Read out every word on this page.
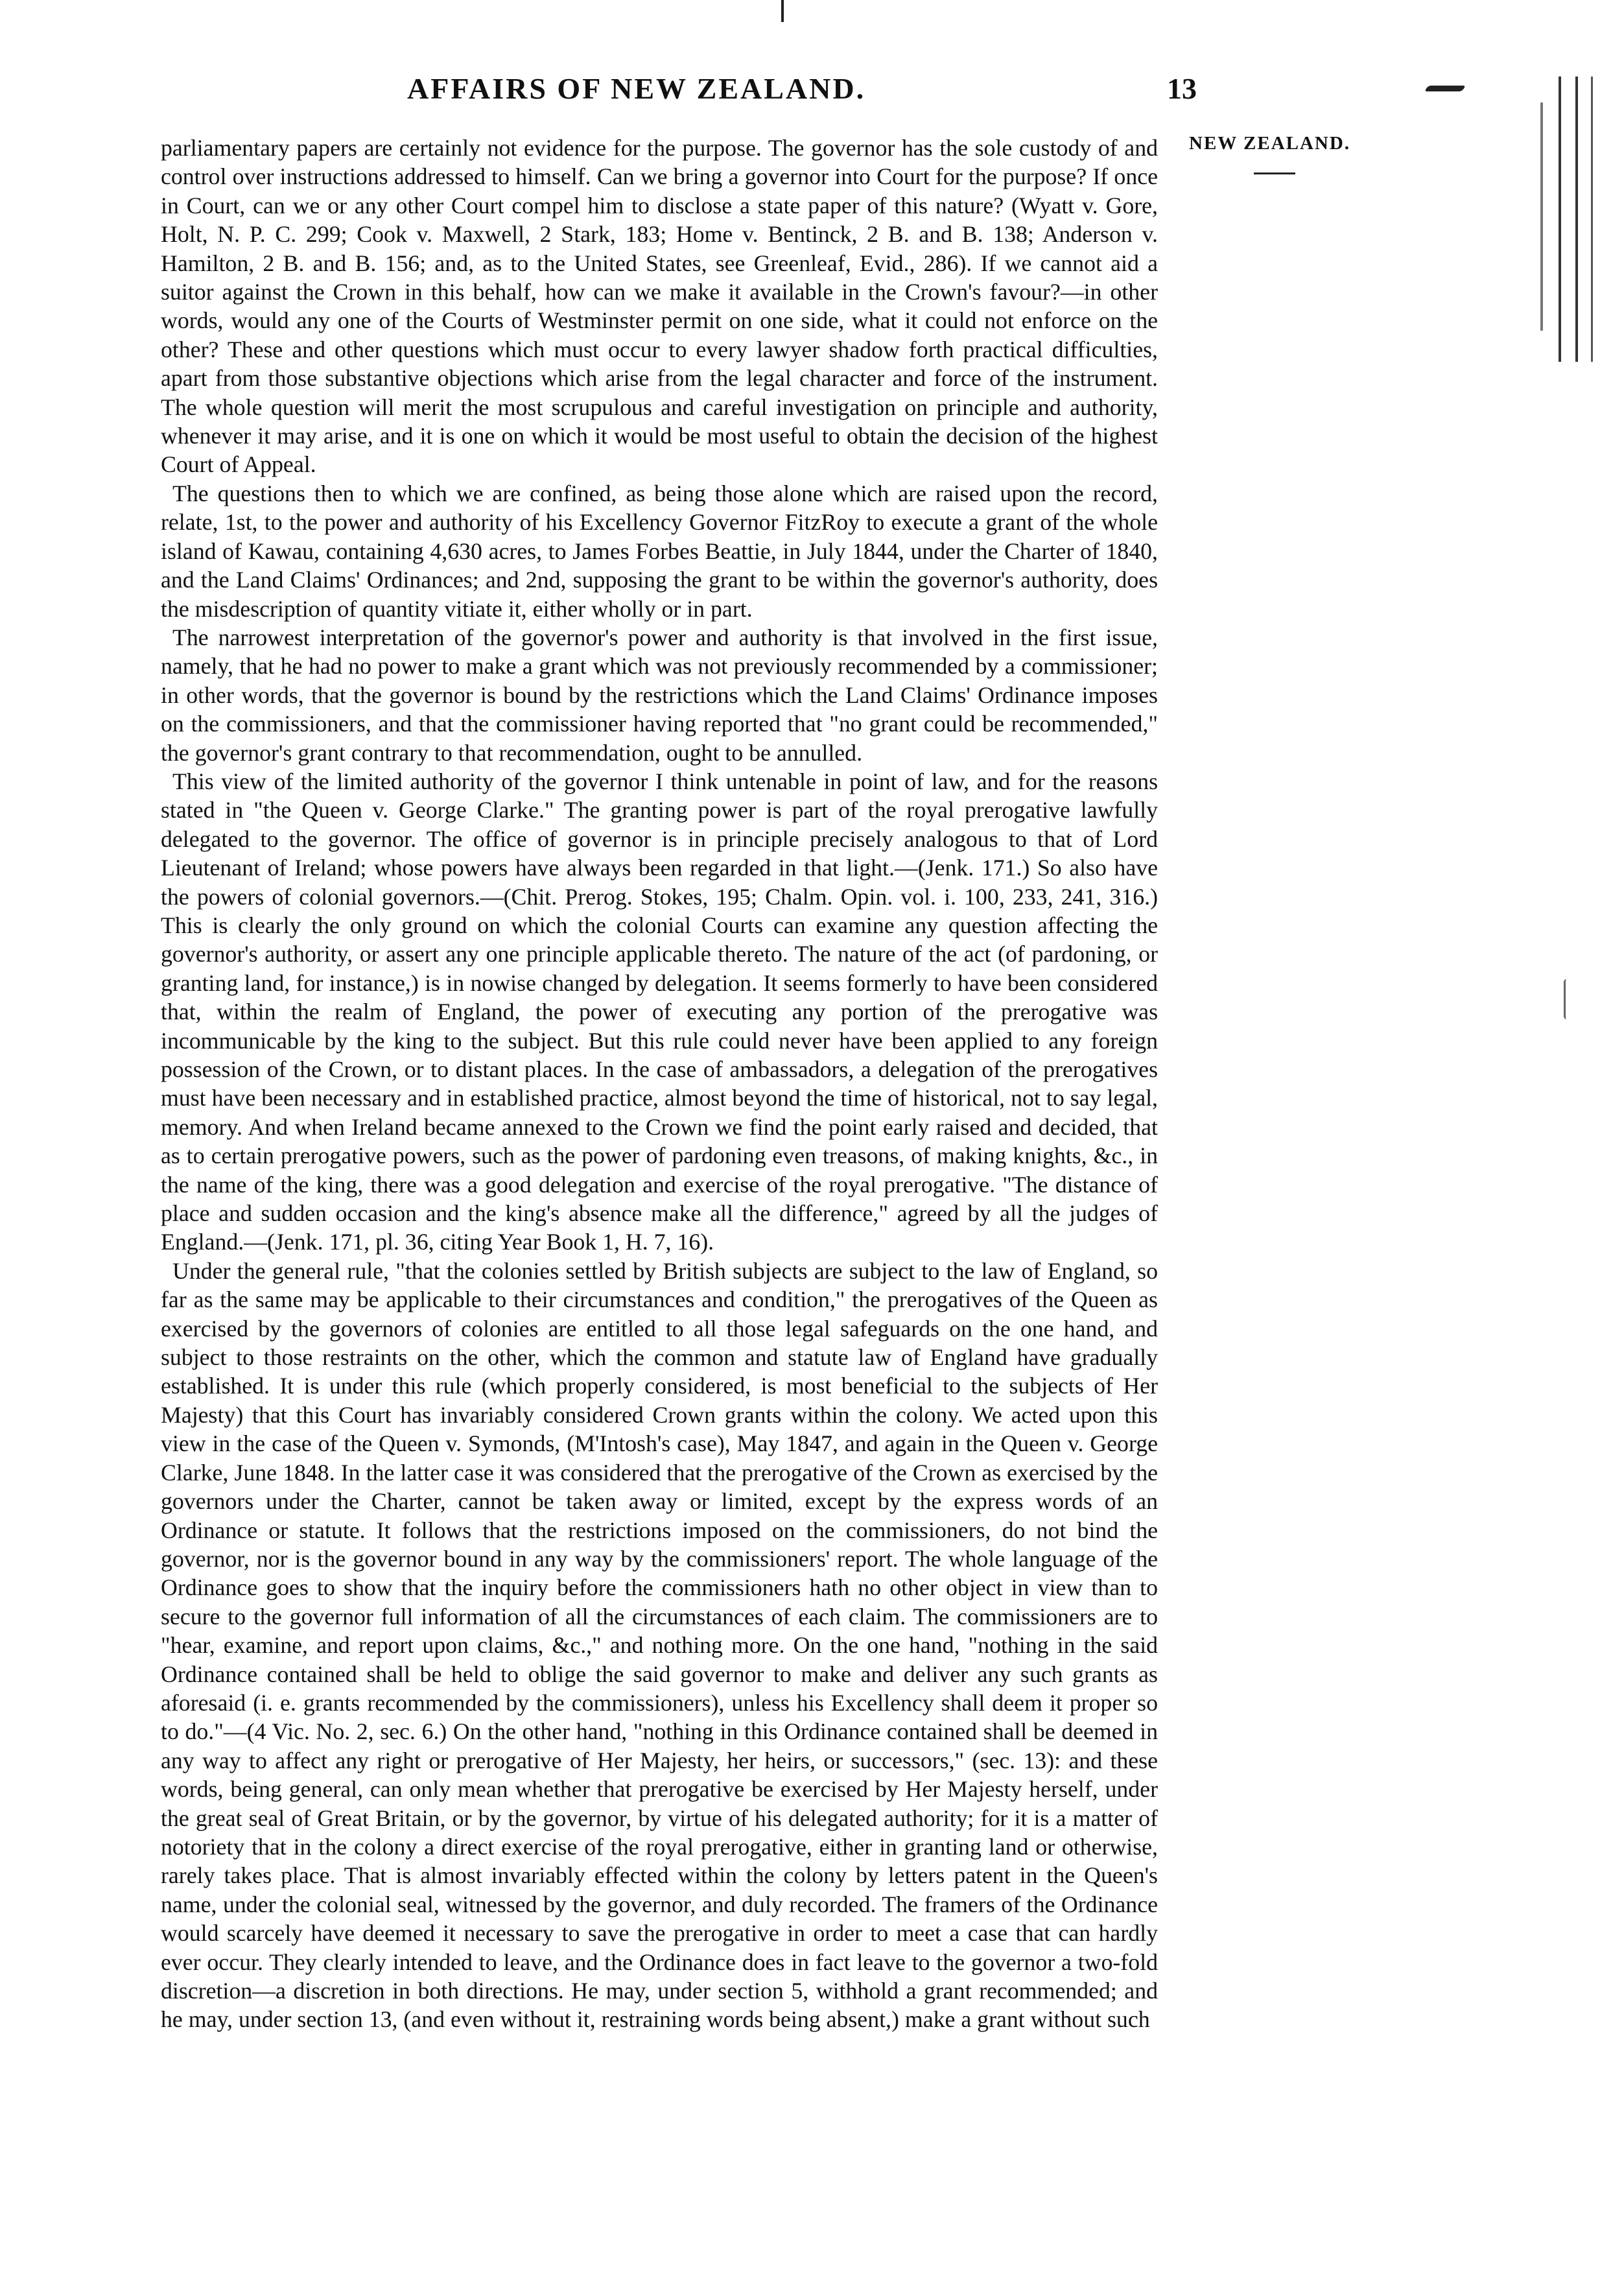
AFFAIRS OF NEW ZEALAND.	13
NEW ZEALAND.

parliamentary papers are certainly not evidence for the purpose. The governor has the sole custody of and control over instructions addressed to himself. Can we bring a governor into Court for the purpose? If once in Court, can we or any other Court compel him to disclose a state paper of this nature? (Wyatt v. Gore, Holt, N. P. C. 299; Cook v. Maxwell, 2 Stark, 183; Home v. Bentinck, 2 B. and B. 138; Anderson v. Hamilton, 2 B. and B. 156; and, as to the United States, see Greenleaf, Evid., 286). If we cannot aid a suitor against the Crown in this behalf, how can we make it available in the Crown's favour?—in other words, would any one of the Courts of Westminster permit on one side, what it could not enforce on the other? These and other questions which must occur to every lawyer shadow forth practical difficulties, apart from those substantive objections which arise from the legal character and force of the instrument. The whole question will merit the most scrupulous and careful investigation on principle and authority, whenever it may arise, and it is one on which it would be most useful to obtain the decision of the highest Court of Appeal.

The questions then to which we are confined, as being those alone which are raised upon the record, relate, 1st, to the power and authority of his Excellency Governor FitzRoy to execute a grant of the whole island of Kawau, containing 4,630 acres, to James Forbes Beattie, in July 1844, under the Charter of 1840, and the Land Claims' Ordinances; and 2nd, supposing the grant to be within the governor's authority, does the misdescription of quantity vitiate it, either wholly or in part.

The narrowest interpretation of the governor's power and authority is that involved in the first issue, namely, that he had no power to make a grant which was not previously recommended by a commissioner; in other words, that the governor is bound by the restrictions which the Land Claims' Ordinance imposes on the commissioners, and that the commissioner having reported that "no grant could be recommended," the governor's grant contrary to that recommendation, ought to be annulled.

This view of the limited authority of the governor I think untenable in point of law, and for the reasons stated in "the Queen v. George Clarke." The granting power is part of the royal prerogative lawfully delegated to the governor. The office of governor is in principle precisely analogous to that of Lord Lieutenant of Ireland; whose powers have always been regarded in that light.—(Jenk. 171.) So also have the powers of colonial governors.—(Chit. Prerog. Stokes, 195; Chalm. Opin. vol. i. 100, 233, 241, 316.) This is clearly the only ground on which the colonial Courts can examine any question affecting the governor's authority, or assert any one principle applicable thereto. The nature of the act (of pardoning, or granting land, for instance,) is in nowise changed by delegation. It seems formerly to have been considered that, within the realm of England, the power of executing any portion of the prerogative was incommunicable by the king to the subject. But this rule could never have been applied to any foreign possession of the Crown, or to distant places. In the case of ambassadors, a delegation of the prerogatives must have been necessary and in established practice, almost beyond the time of historical, not to say legal, memory. And when Ireland became annexed to the Crown we find the point early raised and decided, that as to certain prerogative powers, such as the power of pardoning even treasons, of making knights, &c., in the name of the king, there was a good delegation and exercise of the royal prerogative. "The distance of place and sudden occasion and the king's absence make all the difference," agreed by all the judges of England.—(Jenk. 171, pl. 36, citing Year Book 1, H. 7, 16).

Under the general rule, "that the colonies settled by British subjects are subject to the law of England, so far as the same may be applicable to their circumstances and condition," the prerogatives of the Queen as exercised by the governors of colonies are entitled to all those legal safeguards on the one hand, and subject to those restraints on the other, which the common and statute law of England have gradually established. It is under this rule (which properly considered, is most beneficial to the subjects of Her Majesty) that this Court has invariably considered Crown grants within the colony. We acted upon this view in the case of the Queen v. Symonds, (M'Intosh's case), May 1847, and again in the Queen v. George Clarke, June 1848. In the latter case it was considered that the prerogative of the Crown as exercised by the governors under the Charter, cannot be taken away or limited, except by the express words of an Ordinance or statute. It follows that the restrictions imposed on the commissioners, do not bind the governor, nor is the governor bound in any way by the commissioners' report. The whole language of the Ordinance goes to show that the inquiry before the commissioners hath no other object in view than to secure to the governor full information of all the circumstances of each claim. The commissioners are to "hear, examine, and report upon claims, &c.," and nothing more. On the one hand, "nothing in the said Ordinance contained shall be held to oblige the said governor to make and deliver any such grants as aforesaid (i. e. grants recommended by the commissioners), unless his Excellency shall deem it proper so to do."—(4 Vic. No. 2, sec. 6.) On the other hand, "nothing in this Ordinance contained shall be deemed in any way to affect any right or prerogative of Her Majesty, her heirs, or successors," (sec. 13): and these words, being general, can only mean whether that prerogative be exercised by Her Majesty herself, under the great seal of Great Britain, or by the governor, by virtue of his delegated authority; for it is a matter of notoriety that in the colony a direct exercise of the royal prerogative, either in granting land or otherwise, rarely takes place. That is almost invariably effected within the colony by letters patent in the Queen's name, under the colonial seal, witnessed by the governor, and duly recorded. The framers of the Ordinance would scarcely have deemed it necessary to save the prerogative in order to meet a case that can hardly ever occur. They clearly intended to leave, and the Ordinance does in fact leave to the governor a two-fold discretion—a discretion in both directions. He may, under section 5, withhold a grant recommended; and he may, under section 13, (and even without it, restraining words being absent,) make a grant without such
